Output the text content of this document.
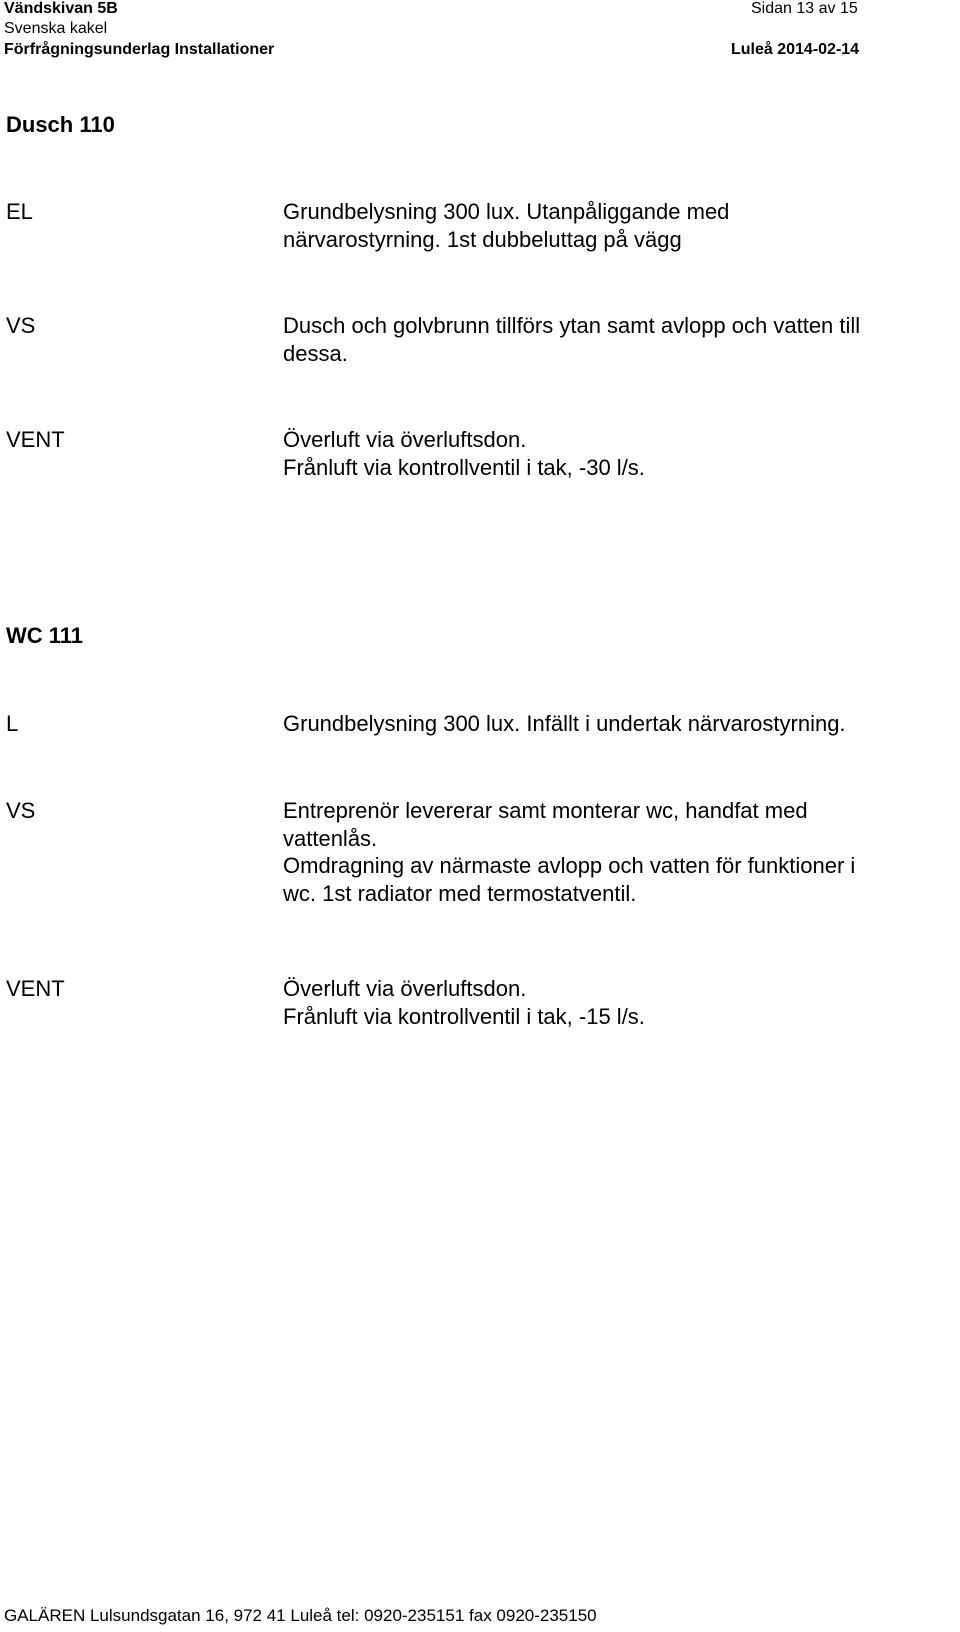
Vändskivan 5B	Sidan 13 av 15
Svenska kakel
Förfrågningsunderlag Installationer	Luleå 2014-02-14
Dusch 110
EL	Grundbelysning 300 lux. Utanpåliggande med
närvarostyrning. 1st dubbeluttag på vägg
VS	Dusch och golvbrunn tillförs ytan samt avlopp och vatten till
dessa.
VENT	Överluft via överluftsdon.
Frånluft via kontrollventil i tak, -30 l/s.
WC 111
L	Grundbelysning 300 lux. Infällt i undertak närvarostyrning.
VS	Entreprenör levererar samt monterar wc, handfat med
vattenlås.
Omdragning av närmaste avlopp och vatten för funktioner i
wc. 1st radiator med termostatventil.
VENT	Överluft via överluftsdon.
Frånluft via kontrollventil i tak, -15 l/s.
GALÄREN Lulsundsgatan 16, 972 41 Luleå tel: 0920-235151 fax 0920-235150
